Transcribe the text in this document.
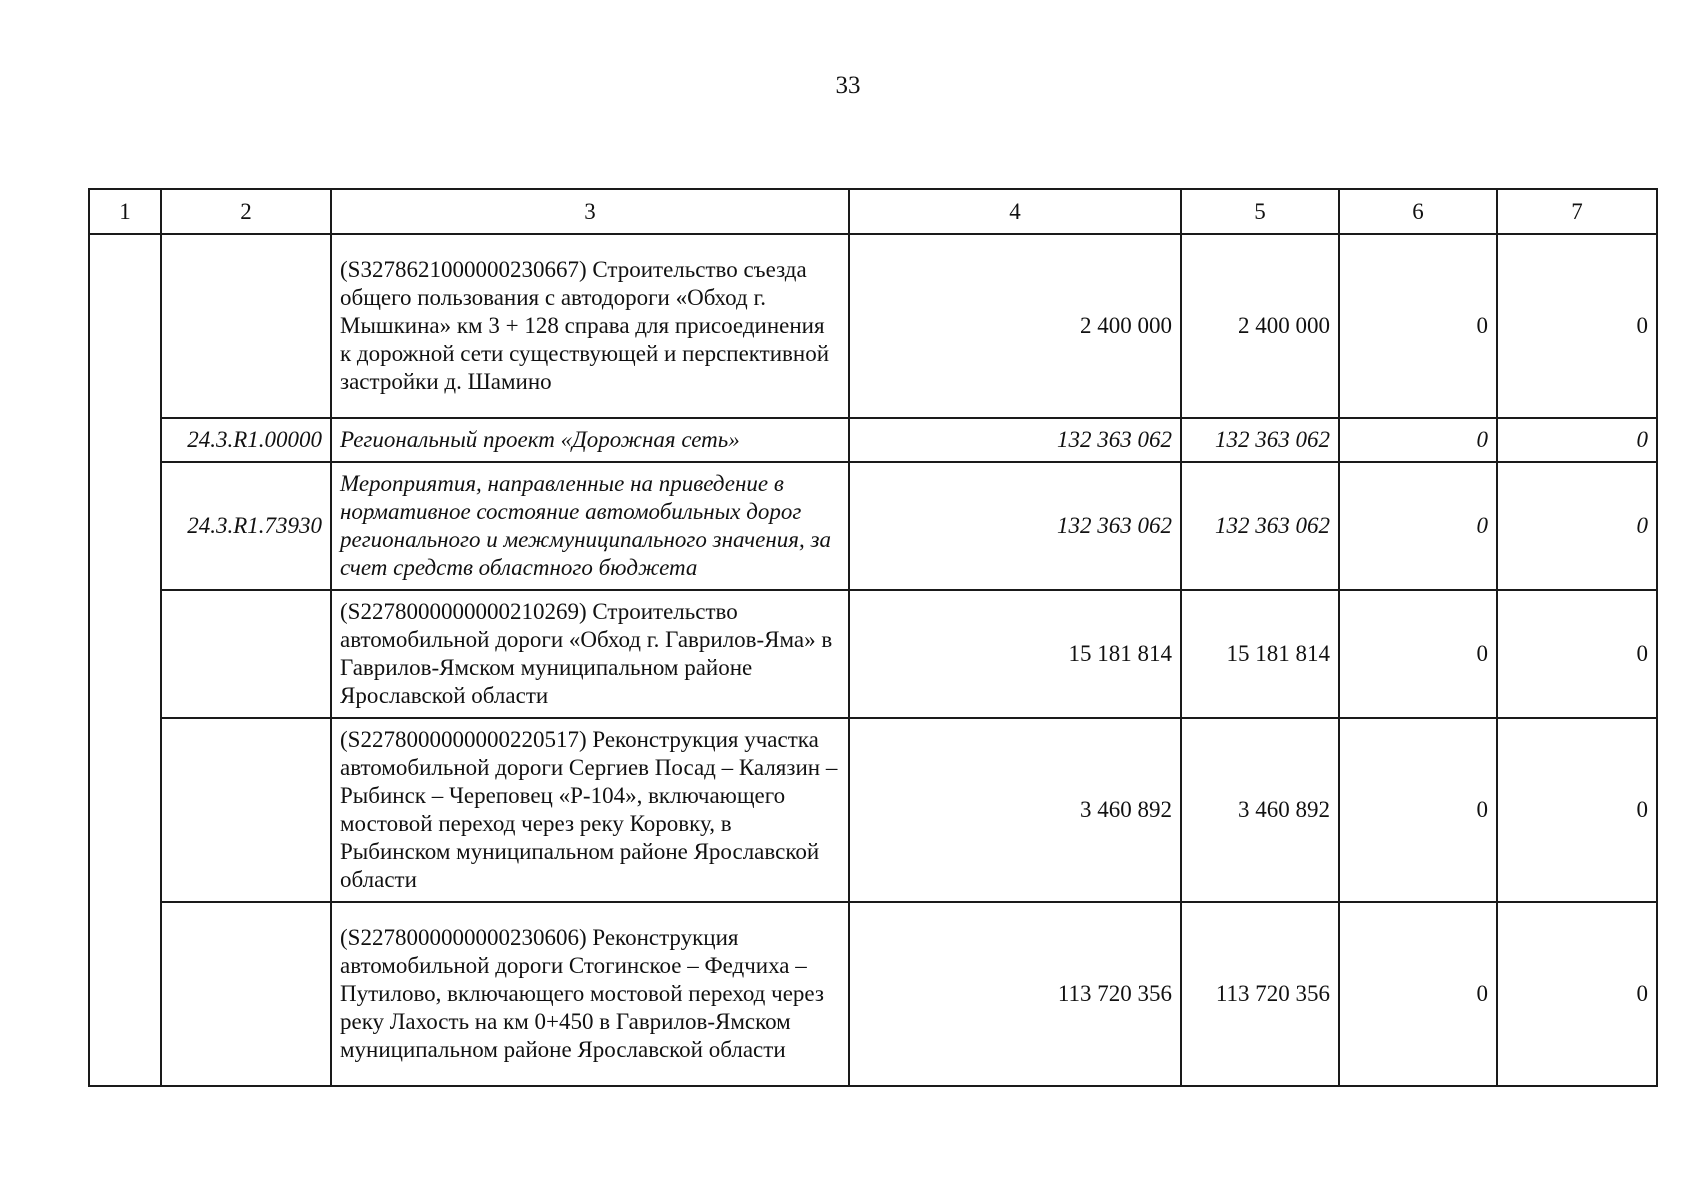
33
1	2	3	4	5	6	7

		(S3278621000000230667) Строительство съезда общего пользования с автодороги «Обход г. Мышкина» км 3 + 128 справа для присоединения к дорожной сети существующей и перспективной застройки д. Шамино	2 400 000	2 400 000	0	0
	24.3.R1.00000	Региональный проект «Дорожная сеть»	132 363 062	132 363 062	0	0
	24.3.R1.73930	Мероприятия, направленные на приведение в нормативное состояние автомобильных дорог регионального и межмуниципального значения, за счет средств областного бюджета	132 363 062	132 363 062	0	0

		(S2278000000000210269) Строительство автомобильной дороги «Обход г. Гаврилов-Яма» в Гаврилов-Ямском муниципальном районе Ярославской области	15 181 814	15 181 814	0	0

		(S2278000000000220517) Реконструкция участка автомобильной дороги Сергиев Посад – Калязин – Рыбинск – Череповец «Р-104», включающего мостовой переход через реку Коровку, в Рыбинском муниципальном районе Ярославской области	3 460 892	3 460 892	0	0

		(S2278000000000230606) Реконструкция автомобильной дороги Стогинское – Федчиха – Путилово, включающего мостовой переход через реку Лахость на км 0+450 в Гаврилов-Ямском муниципальном районе Ярославской области	113 720 356	113 720 356	0	0
